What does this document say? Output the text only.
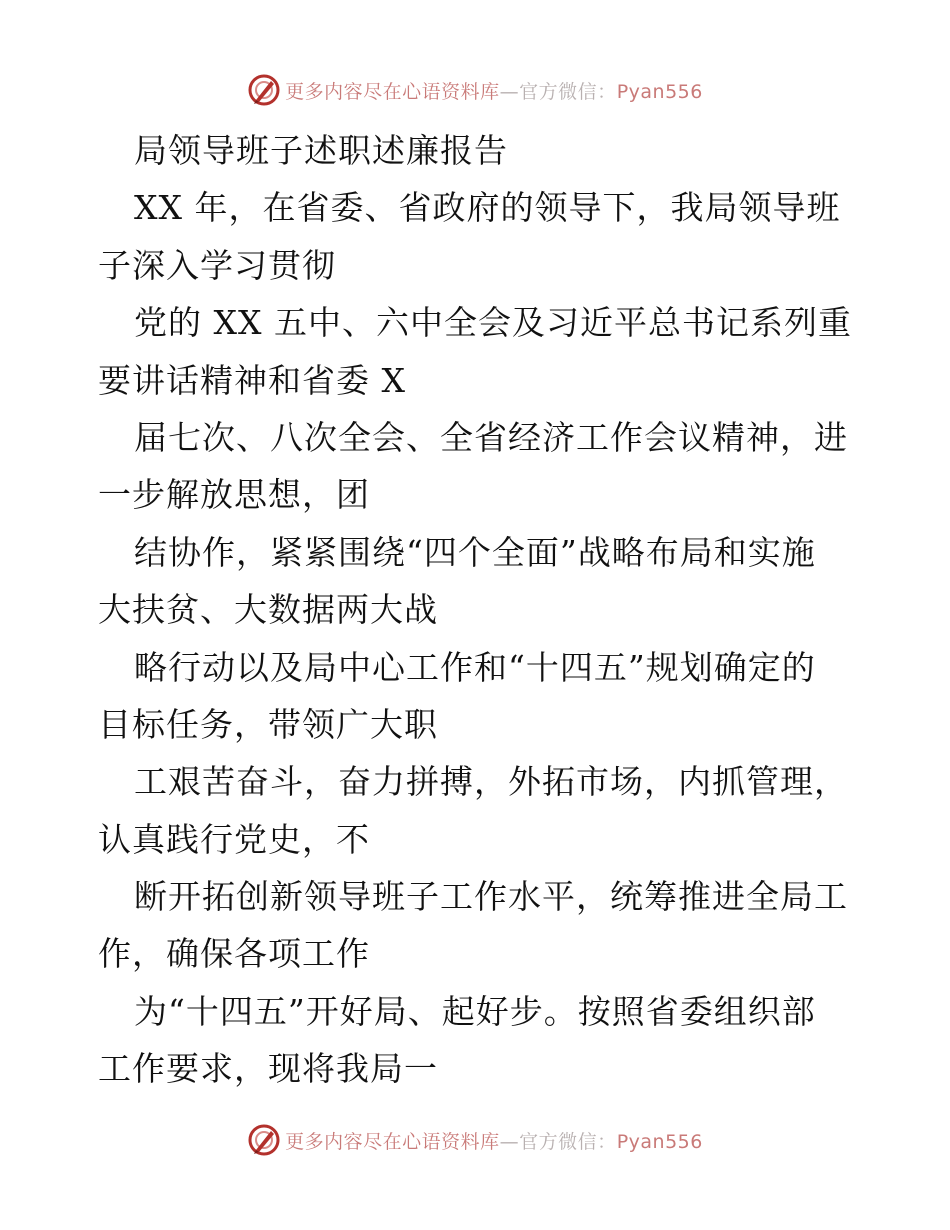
更多内容尽在心语资料库—官方微信：Pyan556
局领导班子述职述廉报告
XX 年，在省委、省政府的领导下，我局领导班
子深入学习贯彻
党的 XX 五中、六中全会及习近平总书记系列重
要讲话精神和省委 X
届七次、八次全会、全省经济工作会议精神，进
一步解放思想，团
结协作，紧紧围绕“四个全面”战略布局和实施
大扶贫、大数据两大战
略行动以及局中心工作和“十四五”规划确定的
目标任务，带领广大职
工艰苦奋斗，奋力拼搏，外拓市场，内抓管理，
认真践行党史，不
断开拓创新领导班子工作水平，统筹推进全局工
作，确保各项工作
为“十四五”开好局、起好步。按照省委组织部
工作要求，现将我局一
更多内容尽在心语资料库—官方微信：Pyan556
